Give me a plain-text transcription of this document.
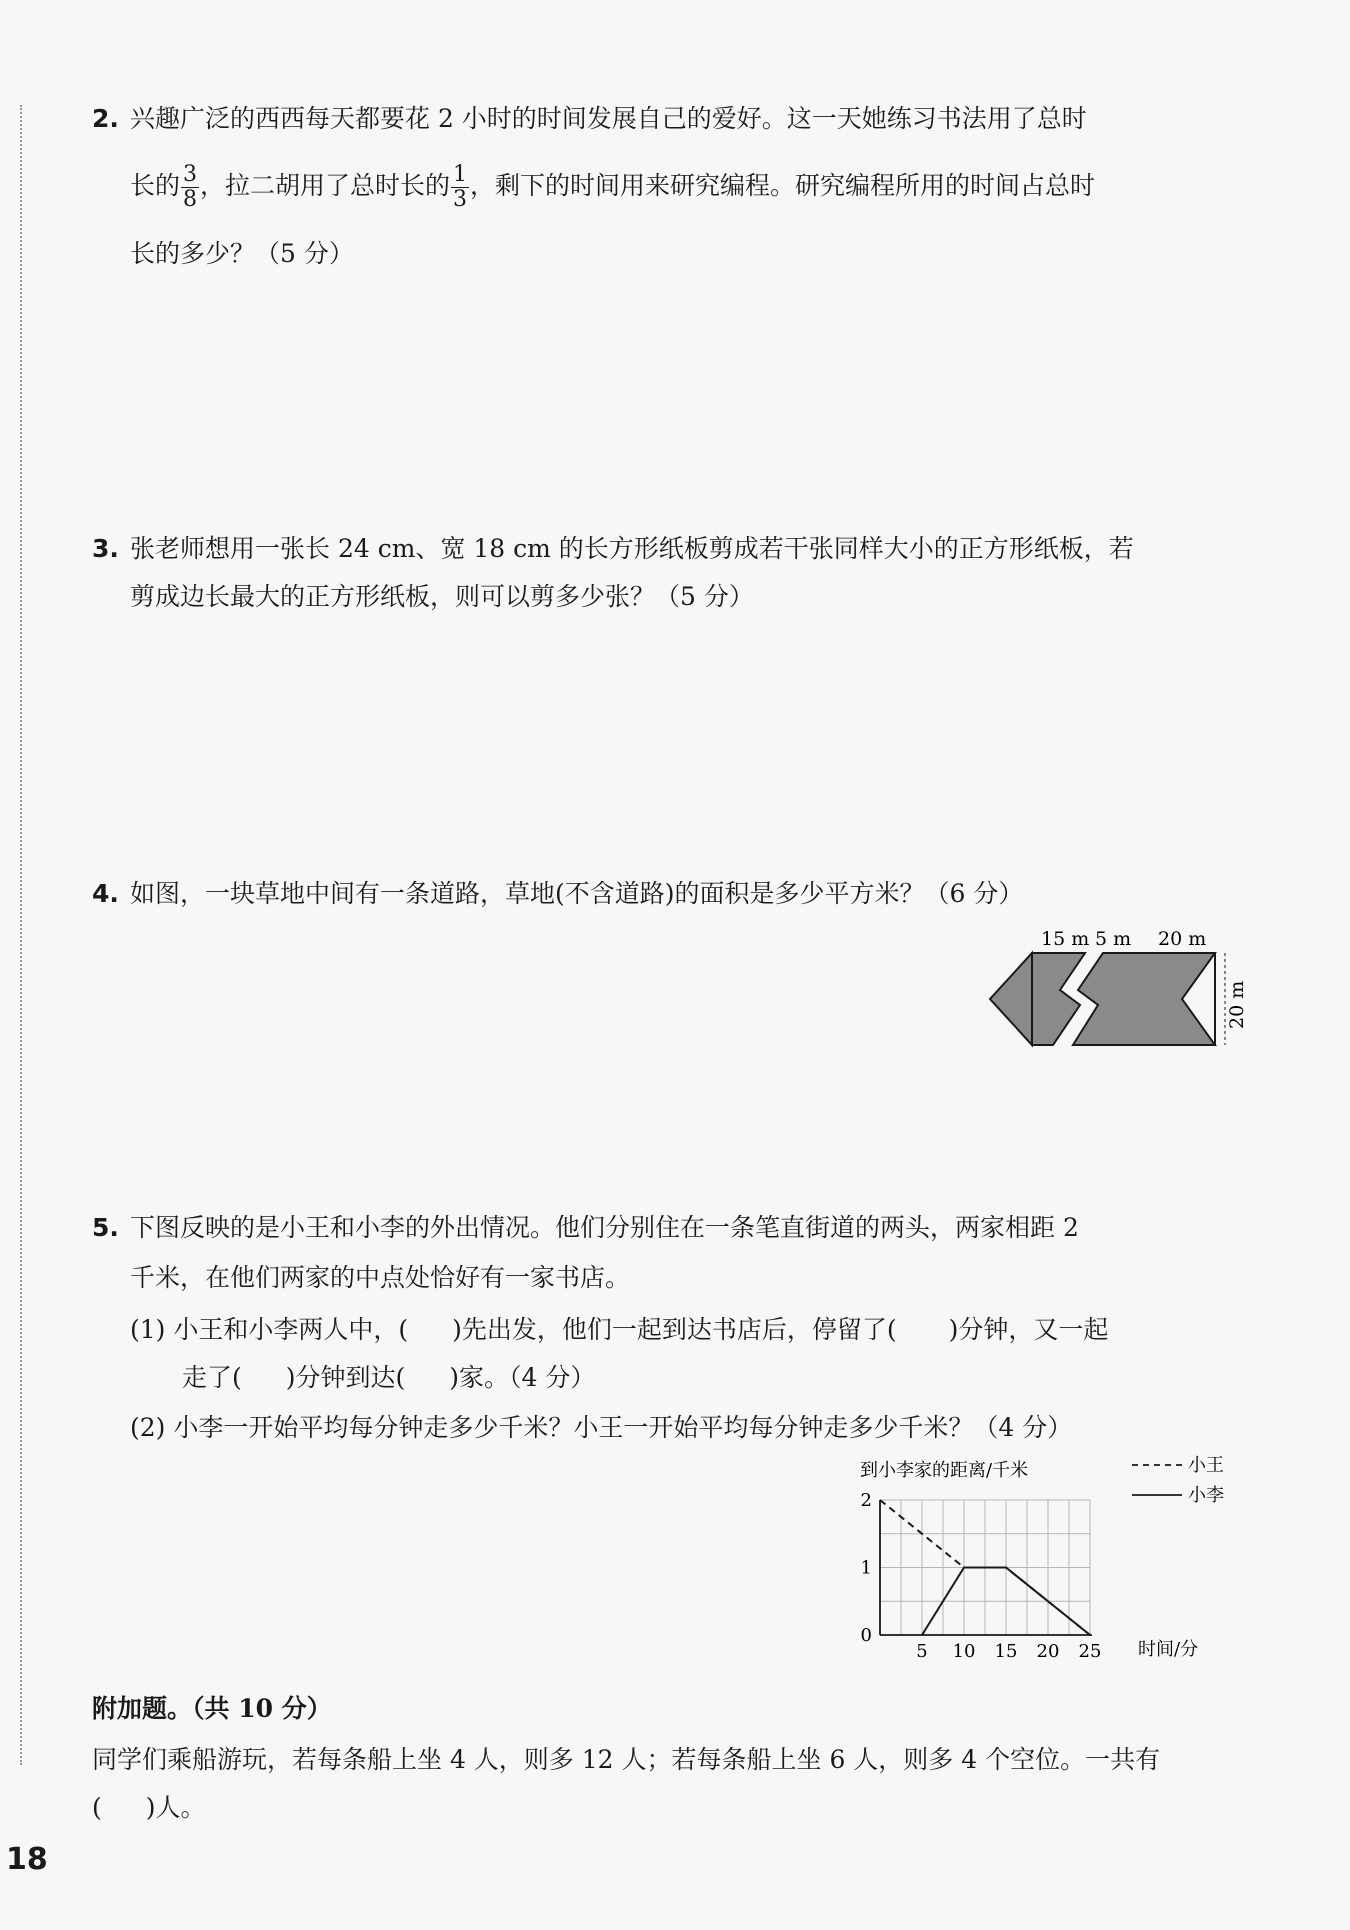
2. 兴趣广泛的西西每天都要花 2 小时的时间发展自己的爱好。这一天她练习书法用了总时
长的 $\frac{3}{8}$ ，拉二胡用了总时长的 $\frac{1}{3}$ ，剩下的时间用来研究编程。研究编程所用的时间占总时
长的多少？（5 分）
3. 张老师想用一张长 24 cm、宽 18 cm 的长方形纸板剪成若干张同样大小的正方形纸板，若
剪成边长最大的正方形纸板，则可以剪多少张？（5 分）
4. 如图，一块草地中间有一条道路，草地(不含道路)的面积是多少平方米？（6 分）
15 m 5 m 20 m
20 m
5. 下图反映的是小王和小李的外出情况。他们分别住在一条笔直街道的两头，两家相距 2
千米，在他们两家的中点处恰好有一家书店。
(1) 小王和小李两人中，( )先出发，他们一起到达书店后，停留了( )分钟，又一起
走了( )分钟到达( )家。（4 分）
(2) 小李一开始平均每分钟走多少千米？小王一开始平均每分钟走多少千米？（4 分）
5 10 15 20 25
0
1
2
到小李家的距离/千米
时间/分
小王
小李
附加题。（共 10 分）
同学们乘船游玩，若每条船上坐 4 人，则多 12 人；若每条船上坐 6 人，则多 4 个空位。一共有
( )人。
18
